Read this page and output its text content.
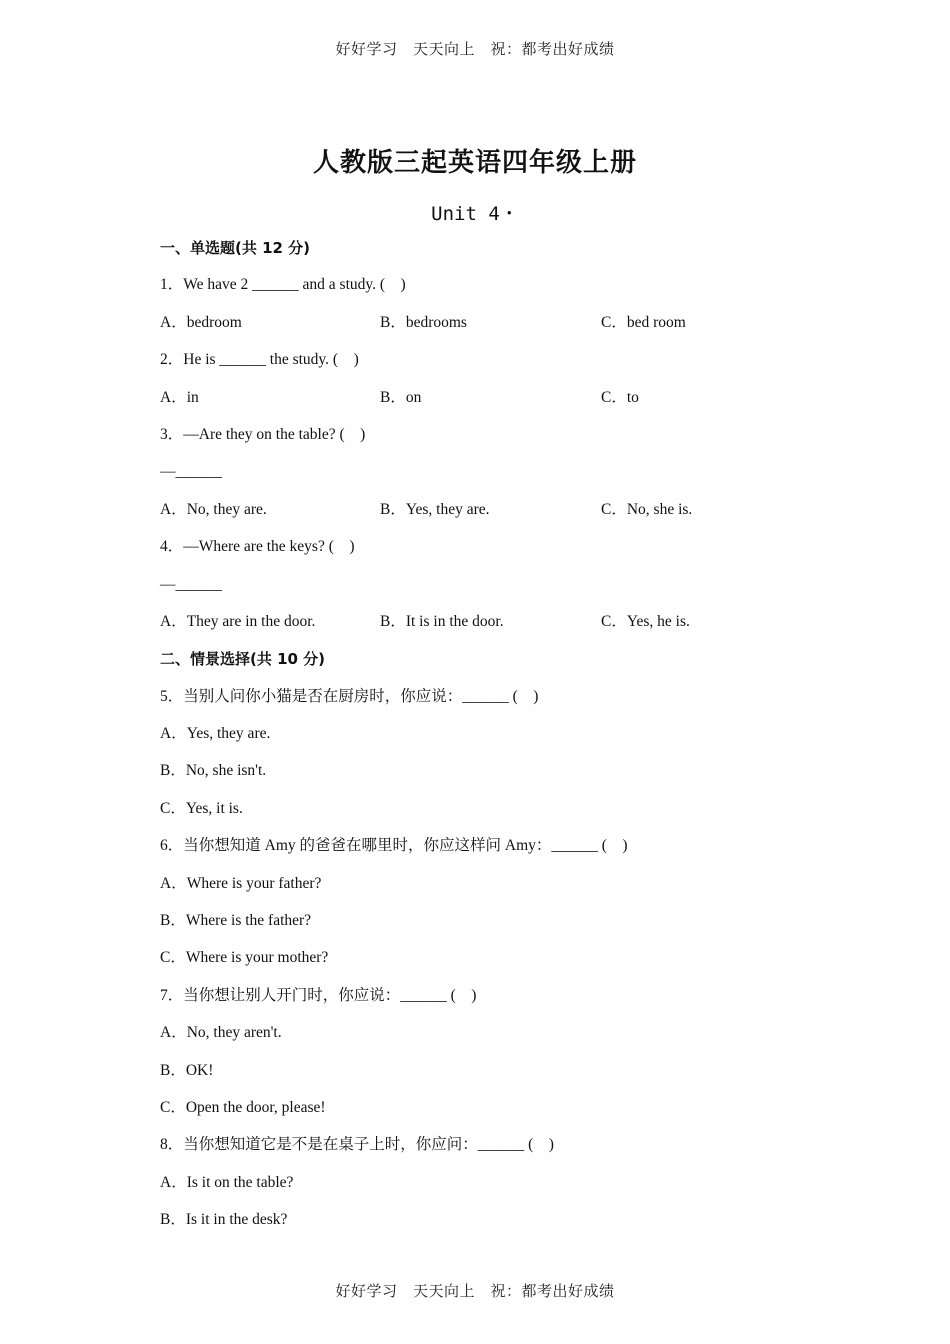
好好学习　天天向上　祝：都考出好成绩
人教版三起英语四年级上册
Unit 4・
一、单选题(共 12 分)
1．We have 2 ______ and a study. (　)

A．bedroom

	B．bedrooms

	C．bed room

2．He is ______ the study. (　)

A．in

	B．on

	C．to

3．—Are they on the table? (　)
—______

A．No, they are.

	B．Yes, they are.

	C．No, she is.

4．—Where are the keys? (　)
—______

A．They are in the door.

	B．It is in the door.

	C．Yes, he is.

二、情景选择(共 10 分)
5．当别人问你小猫是否在厨房时，你应说：______ (　)
A．Yes, they are.
B．No, she isn't.
C．Yes, it is.
6．当你想知道 Amy 的爸爸在哪里时，你应这样问 Amy：______ (　)
A．Where is your father?
B．Where is the father?
C．Where is your mother?
7．当你想让别人开门时，你应说：______ (　)
A．No, they aren't.
B．OK!
C．Open the door, please!
8．当你想知道它是不是在桌子上时，你应问：______ (　)
A．Is it on the table?
B．Is it in the desk?
好好学习　天天向上　祝：都考出好成绩
